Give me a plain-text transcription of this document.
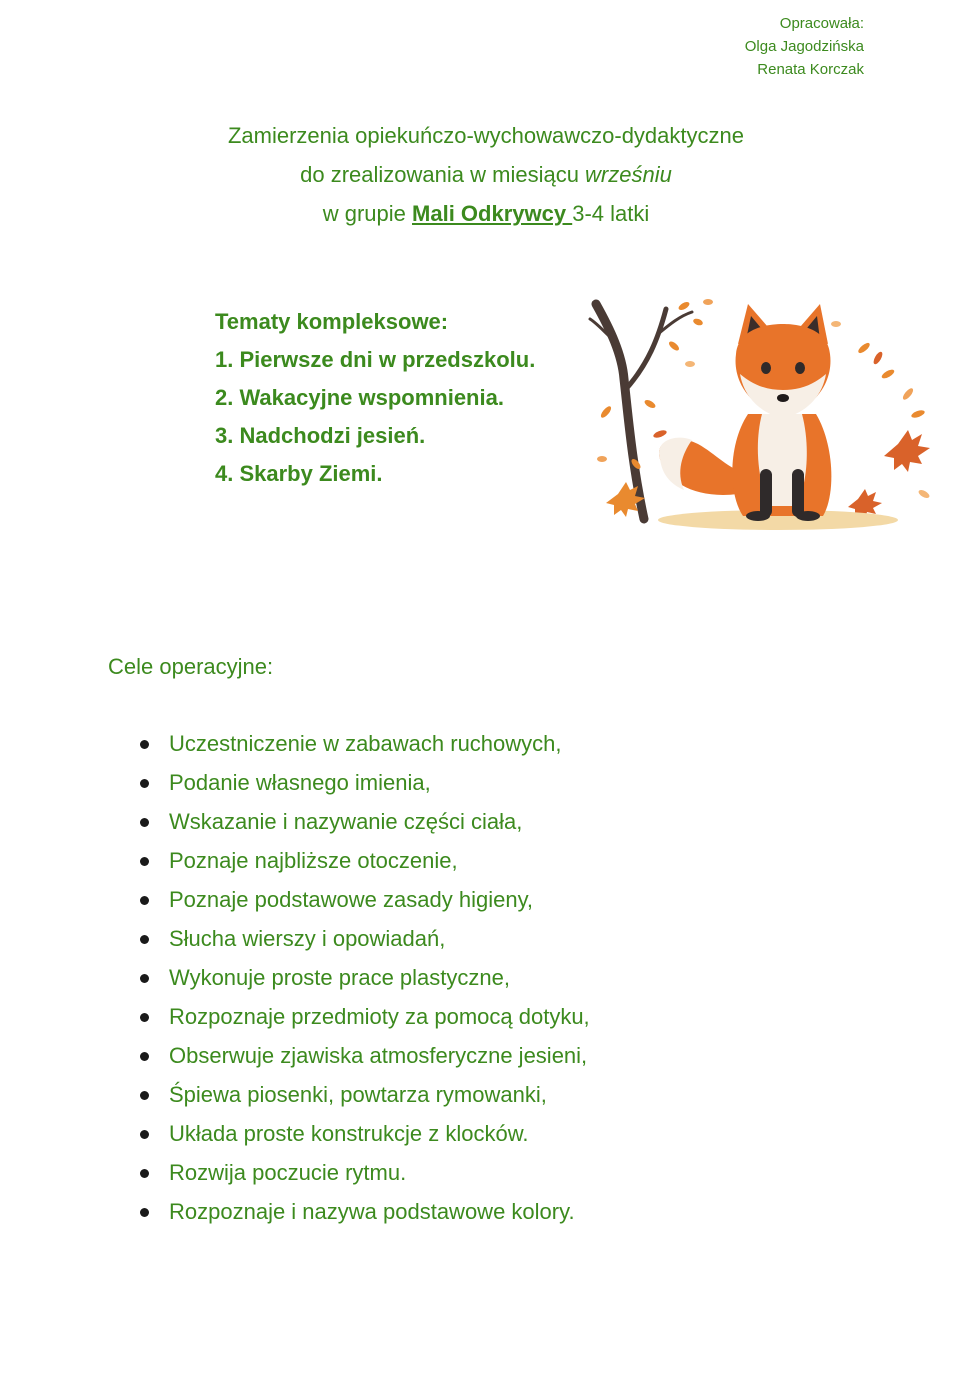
Opracowała:
Olga Jagodzińska
Renata Korczak
Zamierzenia opiekuńczo-wychowawczo-dydaktyczne
do zrealizowania w miesiącu wrześniu
w grupie Mali Odkrywcy 3-4 latki
Tematy kompleksowe:
1. Pierwsze dni w przedszkolu.
2. Wakacyjne wspomnienia.
3. Nadchodzi jesień.
4. Skarby Ziemi.
Cele operacyjne:
Uczestniczenie w zabawach ruchowych,
Podanie własnego imienia,
Wskazanie i nazywanie części ciała,
Poznaje najbliższe otoczenie,
Poznaje podstawowe zasady higieny,
Słucha wierszy i opowiadań,
Wykonuje proste prace plastyczne,
Rozpoznaje przedmioty za pomocą dotyku,
Obserwuje zjawiska atmosferyczne jesieni,
Śpiewa piosenki, powtarza rymowanki,
Układa proste konstrukcje z klocków.
Rozwija poczucie rytmu.
Rozpoznaje i nazywa podstawowe kolory.
